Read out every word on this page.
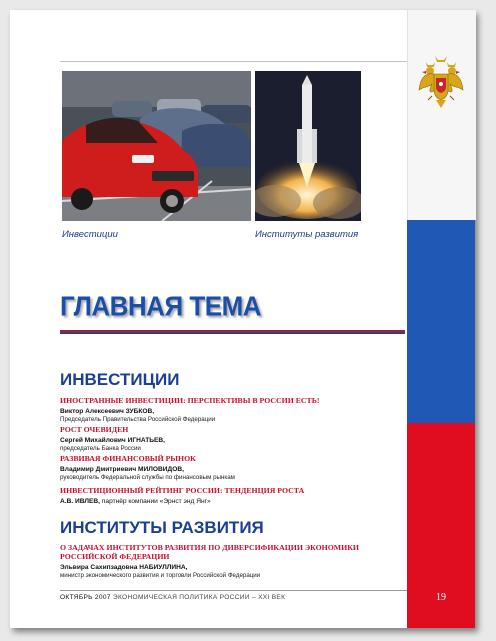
Инвестиции	Институты развития
ГЛАВНАЯ ТЕМА
ИНВЕСТИЦИИ
ИНОСТРАННЫЕ ИНВЕСТИЦИИ: ПЕРСПЕКТИВЫ В РОССИИ ЕСТЬ!
Виктор Алексеевич ЗУБКОВ,
Председатель Правительства Российской Федерации
РОСТ ОЧЕВИДЕН
Сергей Михайлович ИГНАТЬЕВ,
председатель Банка России
РАЗВИВАЯ ФИНАНСОВЫЙ РЫНОК
Владимир Дмитриевич МИЛОВИДОВ,
руководитель Федеральной службы по финансовым рынкам
ИНВЕСТИЦИОННЫЙ РЕЙТИНГ РОССИИ: ТЕНДЕНЦИЯ РОСТА
А.В. ИВЛЕВ, партнёр компании «Эрнст энд Янг»
ИНСТИТУТЫ РАЗВИТИЯ
О ЗАДАЧАХ ИНСТИТУТОВ РАЗВИТИЯ ПО ДИВЕРСИФИКАЦИИ ЭКОНОМИКИ РОССИЙСКОЙ ФЕДЕРАЦИИ
Эльвира Сахипзадовна НАБИУЛЛИНА,
министр экономического развития и торговли Российской Федерации
ОКТЯБРЬ 2007 ЭКОНОМИЧЕСКАЯ ПОЛИТИКА РОССИИ – XXI ВЕК	19
